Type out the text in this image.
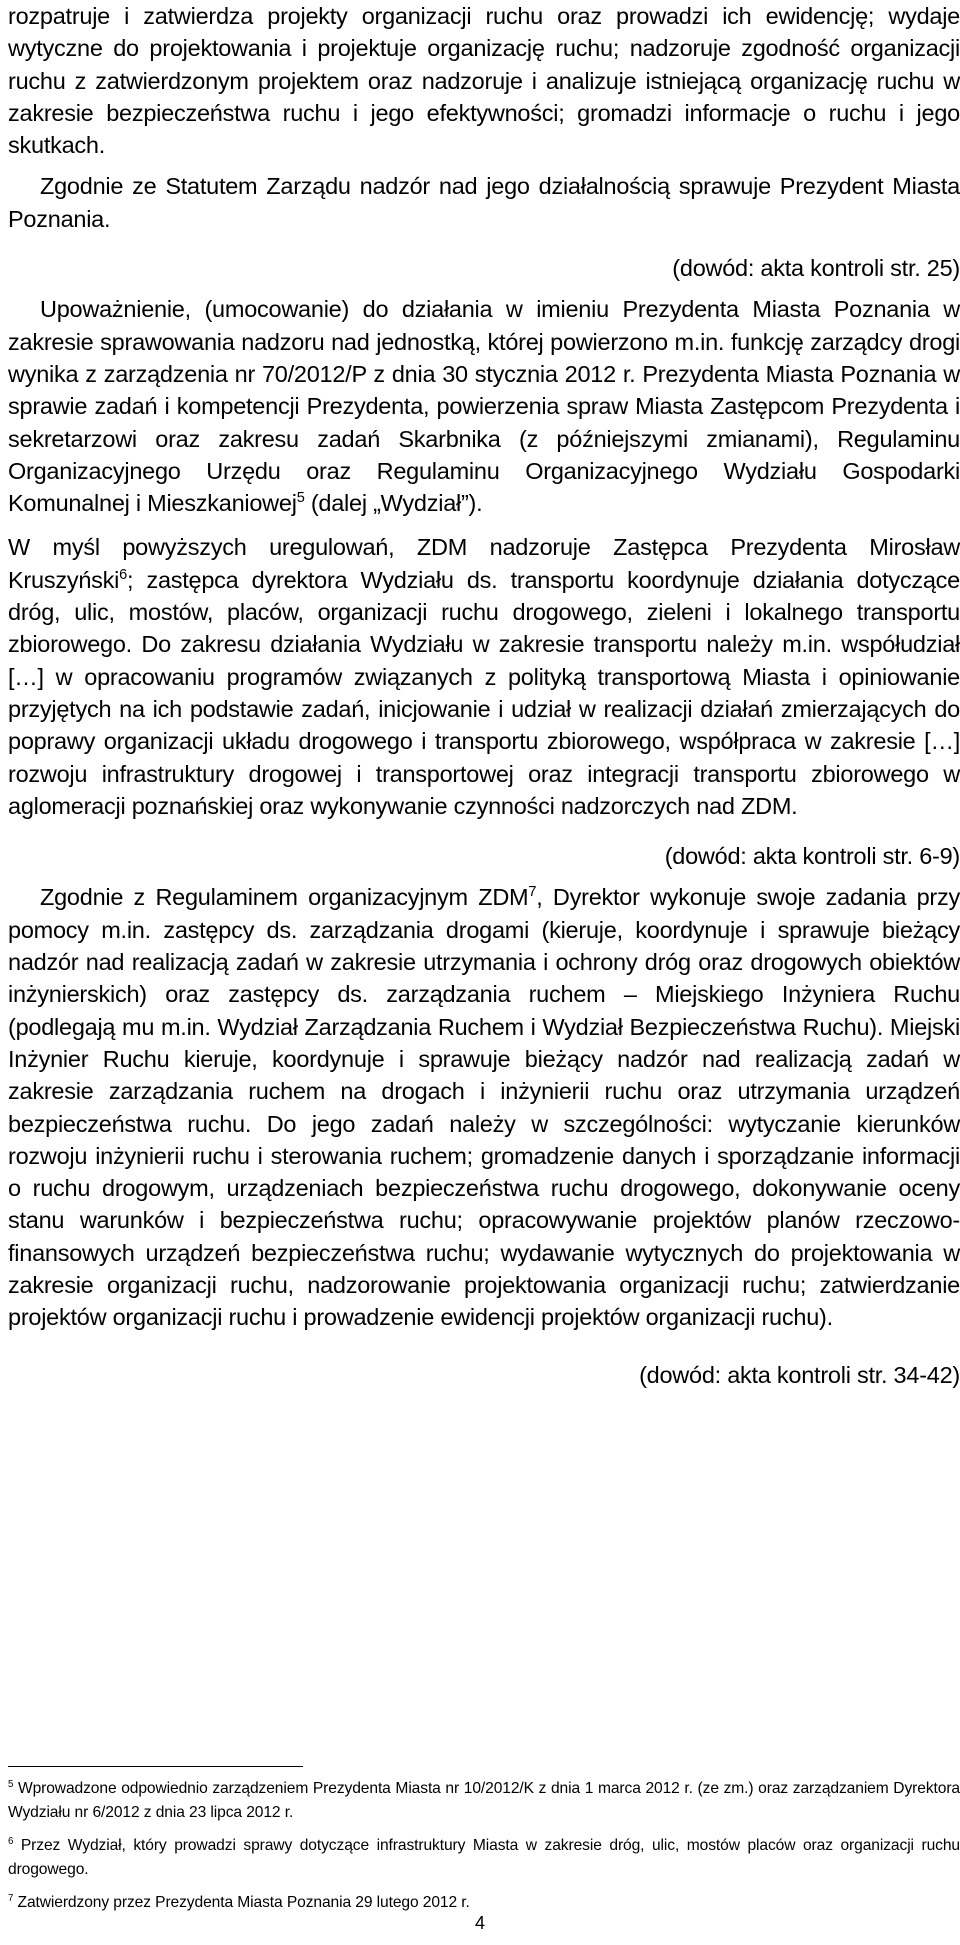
rozpatruje i zatwierdza projekty organizacji ruchu oraz prowadzi ich ewidencję; wydaje wytyczne do projektowania i projektuje organizację ruchu; nadzoruje zgodność organizacji ruchu z zatwierdzonym projektem oraz nadzoruje i analizuje istniejącą organizację ruchu w zakresie bezpieczeństwa ruchu i jego efektywności; gromadzi informacje o ruchu i jego skutkach.

Zgodnie ze Statutem Zarządu nadzór nad jego działalnością sprawuje Prezydent Miasta Poznania.

(dowód: akta kontroli str. 25)

Upoważnienie, (umocowanie) do działania w imieniu Prezydenta Miasta Poznania w zakresie sprawowania nadzoru nad jednostką, której powierzono m.in. funkcję zarządcy drogi wynika z zarządzenia nr 70/2012/P z dnia 30 stycznia 2012 r. Prezydenta Miasta Poznania w sprawie zadań i kompetencji Prezydenta, powierzenia spraw Miasta Zastępcom Prezydenta i sekretarzowi oraz zakresu zadań Skarbnika (z późniejszymi zmianami), Regulaminu Organizacyjnego Urzędu oraz Regulaminu Organizacyjnego Wydziału Gospodarki Komunalnej i Mieszkaniowej$^5$ (dalej „Wydział”).

W myśl powyższych uregulowań, ZDM nadzoruje Zastępca Prezydenta Mirosław Kruszyński$^6$; zastępca dyrektora Wydziału ds. transportu koordynuje działania dotyczące dróg, ulic, mostów, placów, organizacji ruchu drogowego, zieleni i lokalnego transportu zbiorowego. Do zakresu działania Wydziału w zakresie transportu należy m.in. współudział […] w opracowaniu programów związanych z polityką transportową Miasta i opiniowanie przyjętych na ich podstawie zadań, inicjowanie i udział w realizacji działań zmierzających do poprawy organizacji układu drogowego i transportu zbiorowego, współpraca w zakresie […] rozwoju infrastruktury drogowej i transportowej oraz integracji transportu zbiorowego w aglomeracji poznańskiej oraz wykonywanie czynności nadzorczych nad ZDM.

(dowód: akta kontroli str. 6-9)

Zgodnie z Regulaminem organizacyjnym ZDM$^7$, Dyrektor wykonuje swoje zadania przy pomocy m.in. zastępcy ds. zarządzania drogami (kieruje, koordynuje i sprawuje bieżący nadzór nad realizacją zadań w zakresie utrzymania i ochrony dróg oraz drogowych obiektów inżynierskich) oraz zastępcy ds. zarządzania ruchem – Miejskiego Inżyniera Ruchu (podlegają mu m.in. Wydział Zarządzania Ruchem i Wydział Bezpieczeństwa Ruchu). Miejski Inżynier Ruchu kieruje, koordynuje i sprawuje bieżący nadzór nad realizacją zadań w zakresie zarządzania ruchem na drogach i inżynierii ruchu oraz utrzymania urządzeń bezpieczeństwa ruchu. Do jego zadań należy w szczególności: wytyczanie kierunków rozwoju inżynierii ruchu i sterowania ruchem; gromadzenie danych i sporządzanie informacji o ruchu drogowym, urządzeniach bezpieczeństwa ruchu drogowego, dokonywanie oceny stanu warunków i bezpieczeństwa ruchu; opracowywanie projektów planów rzeczowo-finansowych urządzeń bezpieczeństwa ruchu; wydawanie wytycznych do projektowania w zakresie organizacji ruchu, nadzorowanie projektowania organizacji ruchu; zatwierdzanie projektów organizacji ruchu i prowadzenie ewidencji projektów organizacji ruchu).

(dowód: akta kontroli str. 34-42)

$^5$ Wprowadzone odpowiednio zarządzeniem Prezydenta Miasta nr 10/2012/K z dnia 1 marca 2012 r. (ze zm.) oraz zarządzaniem Dyrektora Wydziału nr 6/2012 z dnia 23 lipca 2012 r.

$^6$ Przez Wydział, który prowadzi sprawy dotyczące infrastruktury Miasta w zakresie dróg, ulic, mostów placów oraz organizacji ruchu drogowego.

$^7$ Zatwierdzony przez Prezydenta Miasta Poznania 29 lutego 2012 r.

4
